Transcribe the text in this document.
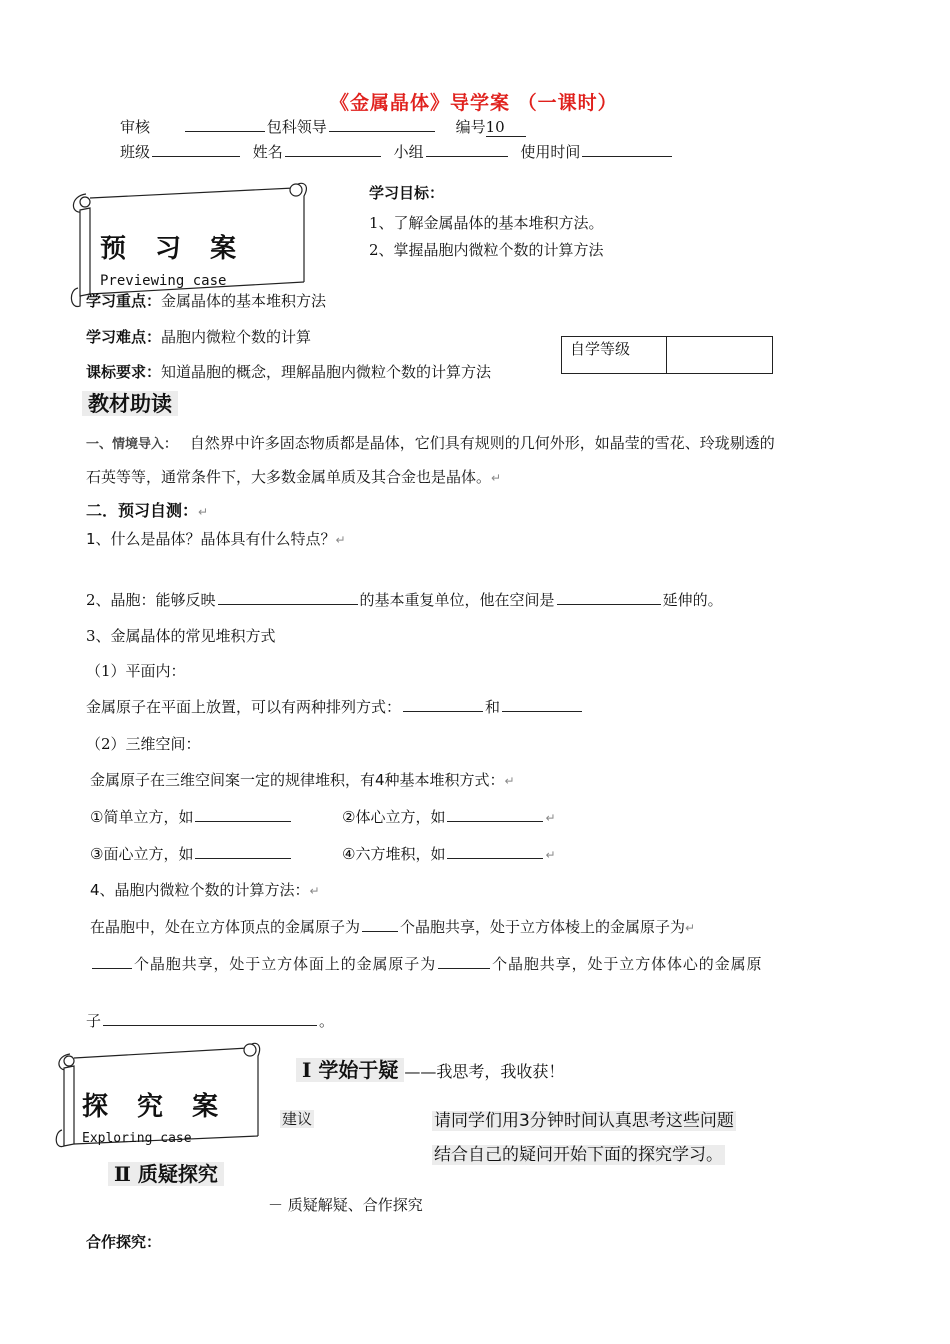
《金属晶体》导学案 （一课时）
审核	包科领导	编号10
班级	姓名	小组	使用时间
预 习 案
Previewing case
学习目标：
1、了解金属晶体的基本堆积方法。
2、掌握晶胞内微粒个数的计算方法
学习重点：金属晶体的基本堆积方法
学习难点：晶胞内微粒个数的计算
课标要求：知道晶胞的概念，理解晶胞内微粒个数的计算方法
自学等级
教材助读
一、情境导入： 自然界中许多固态物质都是晶体，它们具有规则的几何外形，如晶莹的雪花、玲珑剔透的
石英等等，通常条件下，大多数金属单质及其合金也是晶体。↵
二．预习自测：↵
1、什么是晶体？晶体具有什么特点？↵
2、晶胞：能够反映	的基本重复单位，他在空间是	延伸的。
3、金属晶体的常见堆积方式
（1）平面内：
金属原子在平面上放置，可以有两种排列方式：	和
（2）三维空间：
金属原子在三维空间案一定的规律堆积，有4种基本堆积方式：↵
①简单立方，如	②体心立方，如	↵
③面心立方，如	④六方堆积，如	↵
4、晶胞内微粒个数的计算方法：↵
在晶胞中，处在立方体顶点的金属原子为	个晶胞共享，处于立方体棱上的金属原子为↵
个晶胞共享，处于立方体面上的金属原子为	个晶胞共享，处于立方体体心的金属原
子	。
探 究 案
Exploring case
Ⅰ 学始于疑 ——我思考，我收获！
建议	请同学们用3分钟时间认真思考这些问题
结合自己的疑问开始下面的探究学习。
Ⅱ 质疑探究
－ 质疑解疑、合作探究
合作探究：
